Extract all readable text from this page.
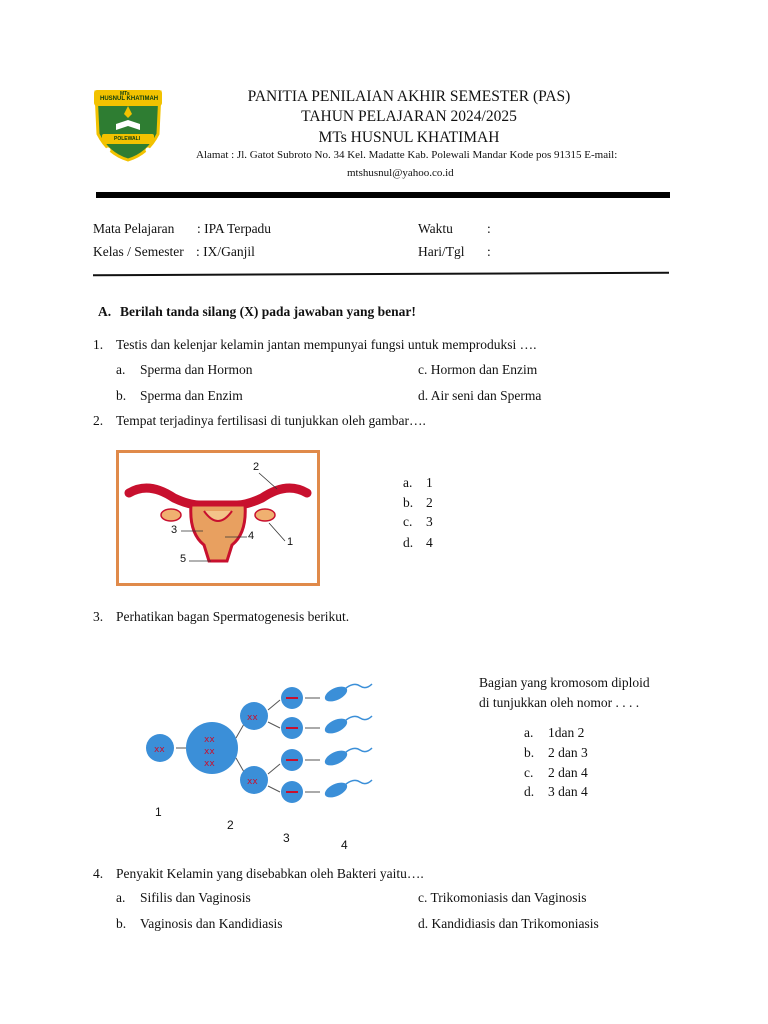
MTs
HUSNUL KHATIMAH
POLEWALI
PANITIA PENILAIAN AKHIR SEMESTER (PAS)
TAHUN PELAJARAN 2024/2025
MTs HUSNUL KHATIMAH
Alamat : Jl. Gatot Subroto No. 34 Kel. Madatte Kab. Polewali Mandar Kode pos 91315 E-mail:
mtshusnul@yahoo.co.id
Mata Pelajaran : IPA Terpadu
Kelas / Semester : IX/Ganjil
Waktu	:
Hari/Tgl :
A. Berilah tanda silang (X) pada jawaban yang benar!
1. Testis dan kelenjar kelamin jantan mempunyai fungsi untuk memproduksi ….
a. Sperma dan Hormon
b. Sperma dan Enzim
c. Hormon dan Enzim
d. Air seni dan Sperma
2. Tempat terjadinya fertilisasi di tunjukkan oleh gambar….
2
3	4	1
5
a. 1
b. 2
c. 3
d. 4
3. Perhatikan bagan Spermatogenesis berikut.
xx
xx
xx
xx
xx
xx
1
2
3	4
Bagian yang kromosom diploid
di tunjukkan oleh nomor . . . .
a. 1dan 2
b. 2 dan 3
c. 2 dan 4
d. 3 dan 4
4. Penyakit Kelamin yang disebabkan oleh Bakteri yaitu….
a. Sifilis dan Vaginosis
b. Vaginosis dan Kandidiasis
c. Trikomoniasis dan Vaginosis
d. Kandidiasis dan Trikomoniasis
